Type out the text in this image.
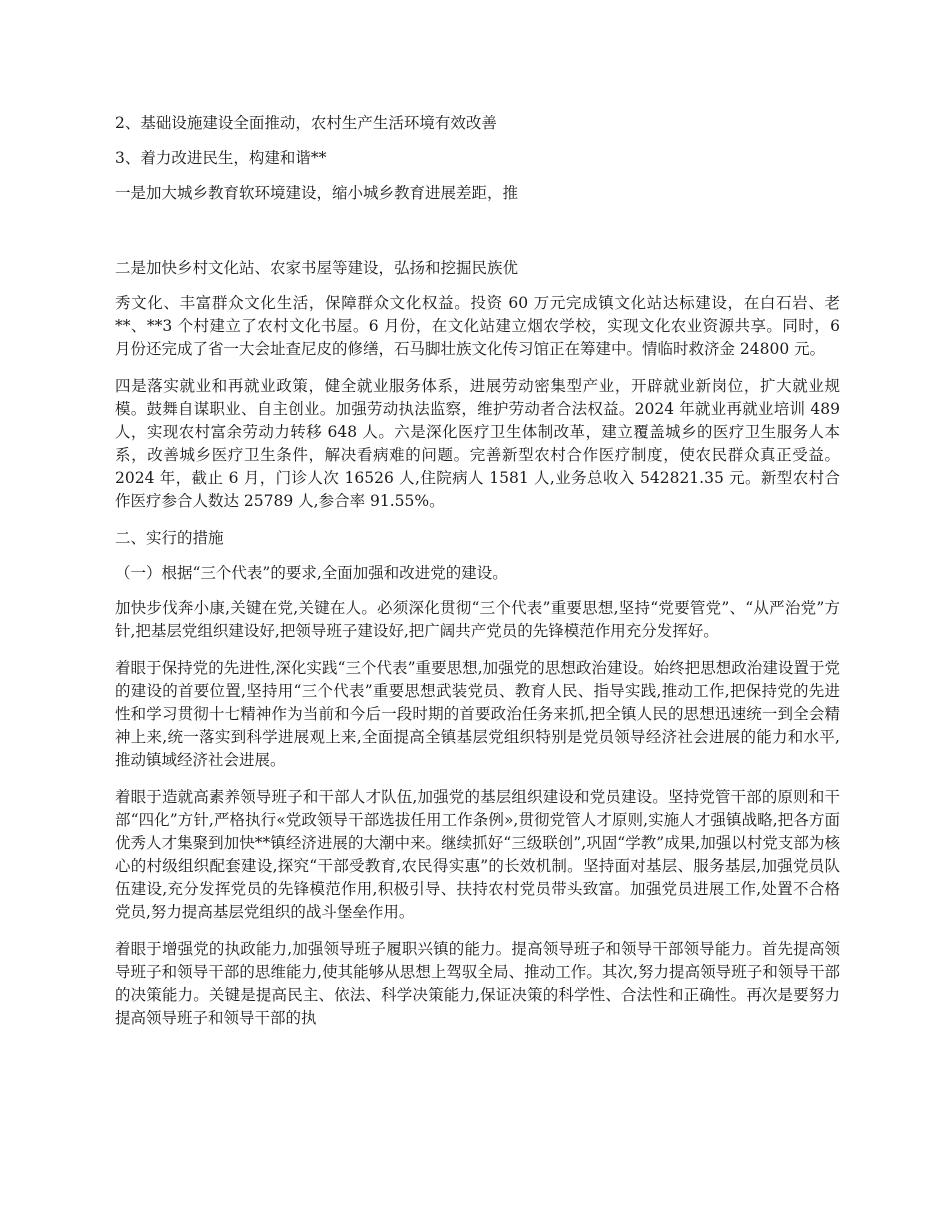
2、基础设施建设全面推动，农村生产生活环境有效改善

3、着力改进民生，构建和谐**

一是加大城乡教育软环境建设，缩小城乡教育进展差距，推

二是加快乡村文化站、农家书屋等建设，弘扬和挖掘民族优

秀文化、丰富群众文化生活，保障群众文化权益。投资 60 万元完成镇文化站达标建设，在白石岩、老**、**3 个村建立了农村文化书屋。6 月份，在文化站建立烟农学校，实现文化农业资源共享。同时，6 月份还完成了省一大会址查尼皮的修缮，石马脚壮族文化传习馆正在筹建中。情临时救济金 24800 元。

四是落实就业和再就业政策，健全就业服务体系，进展劳动密集型产业，开辟就业新岗位，扩大就业规模。鼓舞自谋职业、自主创业。加强劳动执法监察，维护劳动者合法权益。2024 年就业再就业培训 489 人，实现农村富余劳动力转移 648 人。六是深化医疗卫生体制改革，建立覆盖城乡的医疗卫生服务人本系，改善城乡医疗卫生条件，解决看病难的问题。完善新型农村合作医疗制度，使农民群众真正受益。2024 年，截止 6 月，门诊人次 16526 人,住院病人 1581 人,业务总收入 542821.35 元。新型农村合作医疗参合人数达 25789 人,参合率 91.55%。

二、实行的措施

（一）根据“三个代表”的要求,全面加强和改进党的建设。

加快步伐奔小康,关键在党,关键在人。必须深化贯彻“三个代表”重要思想,坚持“党要管党”、“从严治党”方针,把基层党组织建设好,把领导班子建设好,把广阔共产党员的先锋模范作用充分发挥好。

着眼于保持党的先进性,深化实践“三个代表”重要思想,加强党的思想政治建设。始终把思想政治建设置于党的建设的首要位置,坚持用“三个代表”重要思想武装党员、教育人民、指导实践,推动工作,把保持党的先进性和学习贯彻十七精神作为当前和今后一段时期的首要政治任务来抓,把全镇人民的思想迅速统一到全会精神上来,统一落实到科学进展观上来,全面提高全镇基层党组织特别是党员领导经济社会进展的能力和水平,推动镇域经济社会进展。

着眼于造就高素养领导班子和干部人才队伍,加强党的基层组织建设和党员建设。坚持党管干部的原则和干部“四化”方针,严格执行«党政领导干部选拔任用工作条例»,贯彻党管人才原则,实施人才强镇战略,把各方面优秀人才集聚到加快**镇经济进展的大潮中来。继续抓好“三级联创”,巩固“学教”成果,加强以村党支部为核心的村级组织配套建设,探究“干部受教育,农民得实惠”的长效机制。坚持面对基层、服务基层,加强党员队伍建设,充分发挥党员的先锋模范作用,积极引导、扶持农村党员带头致富。加强党员进展工作,处置不合格党员,努力提高基层党组织的战斗堡垒作用。

着眼于增强党的执政能力,加强领导班子履职兴镇的能力。提高领导班子和领导干部领导能力。首先提高领导班子和领导干部的思维能力,使其能够从思想上驾驭全局、推动工作。其次,努力提高领导班子和领导干部的决策能力。关键是提高民主、依法、科学决策能力,保证决策的科学性、合法性和正确性。再次是要努力提高领导班子和领导干部的执
